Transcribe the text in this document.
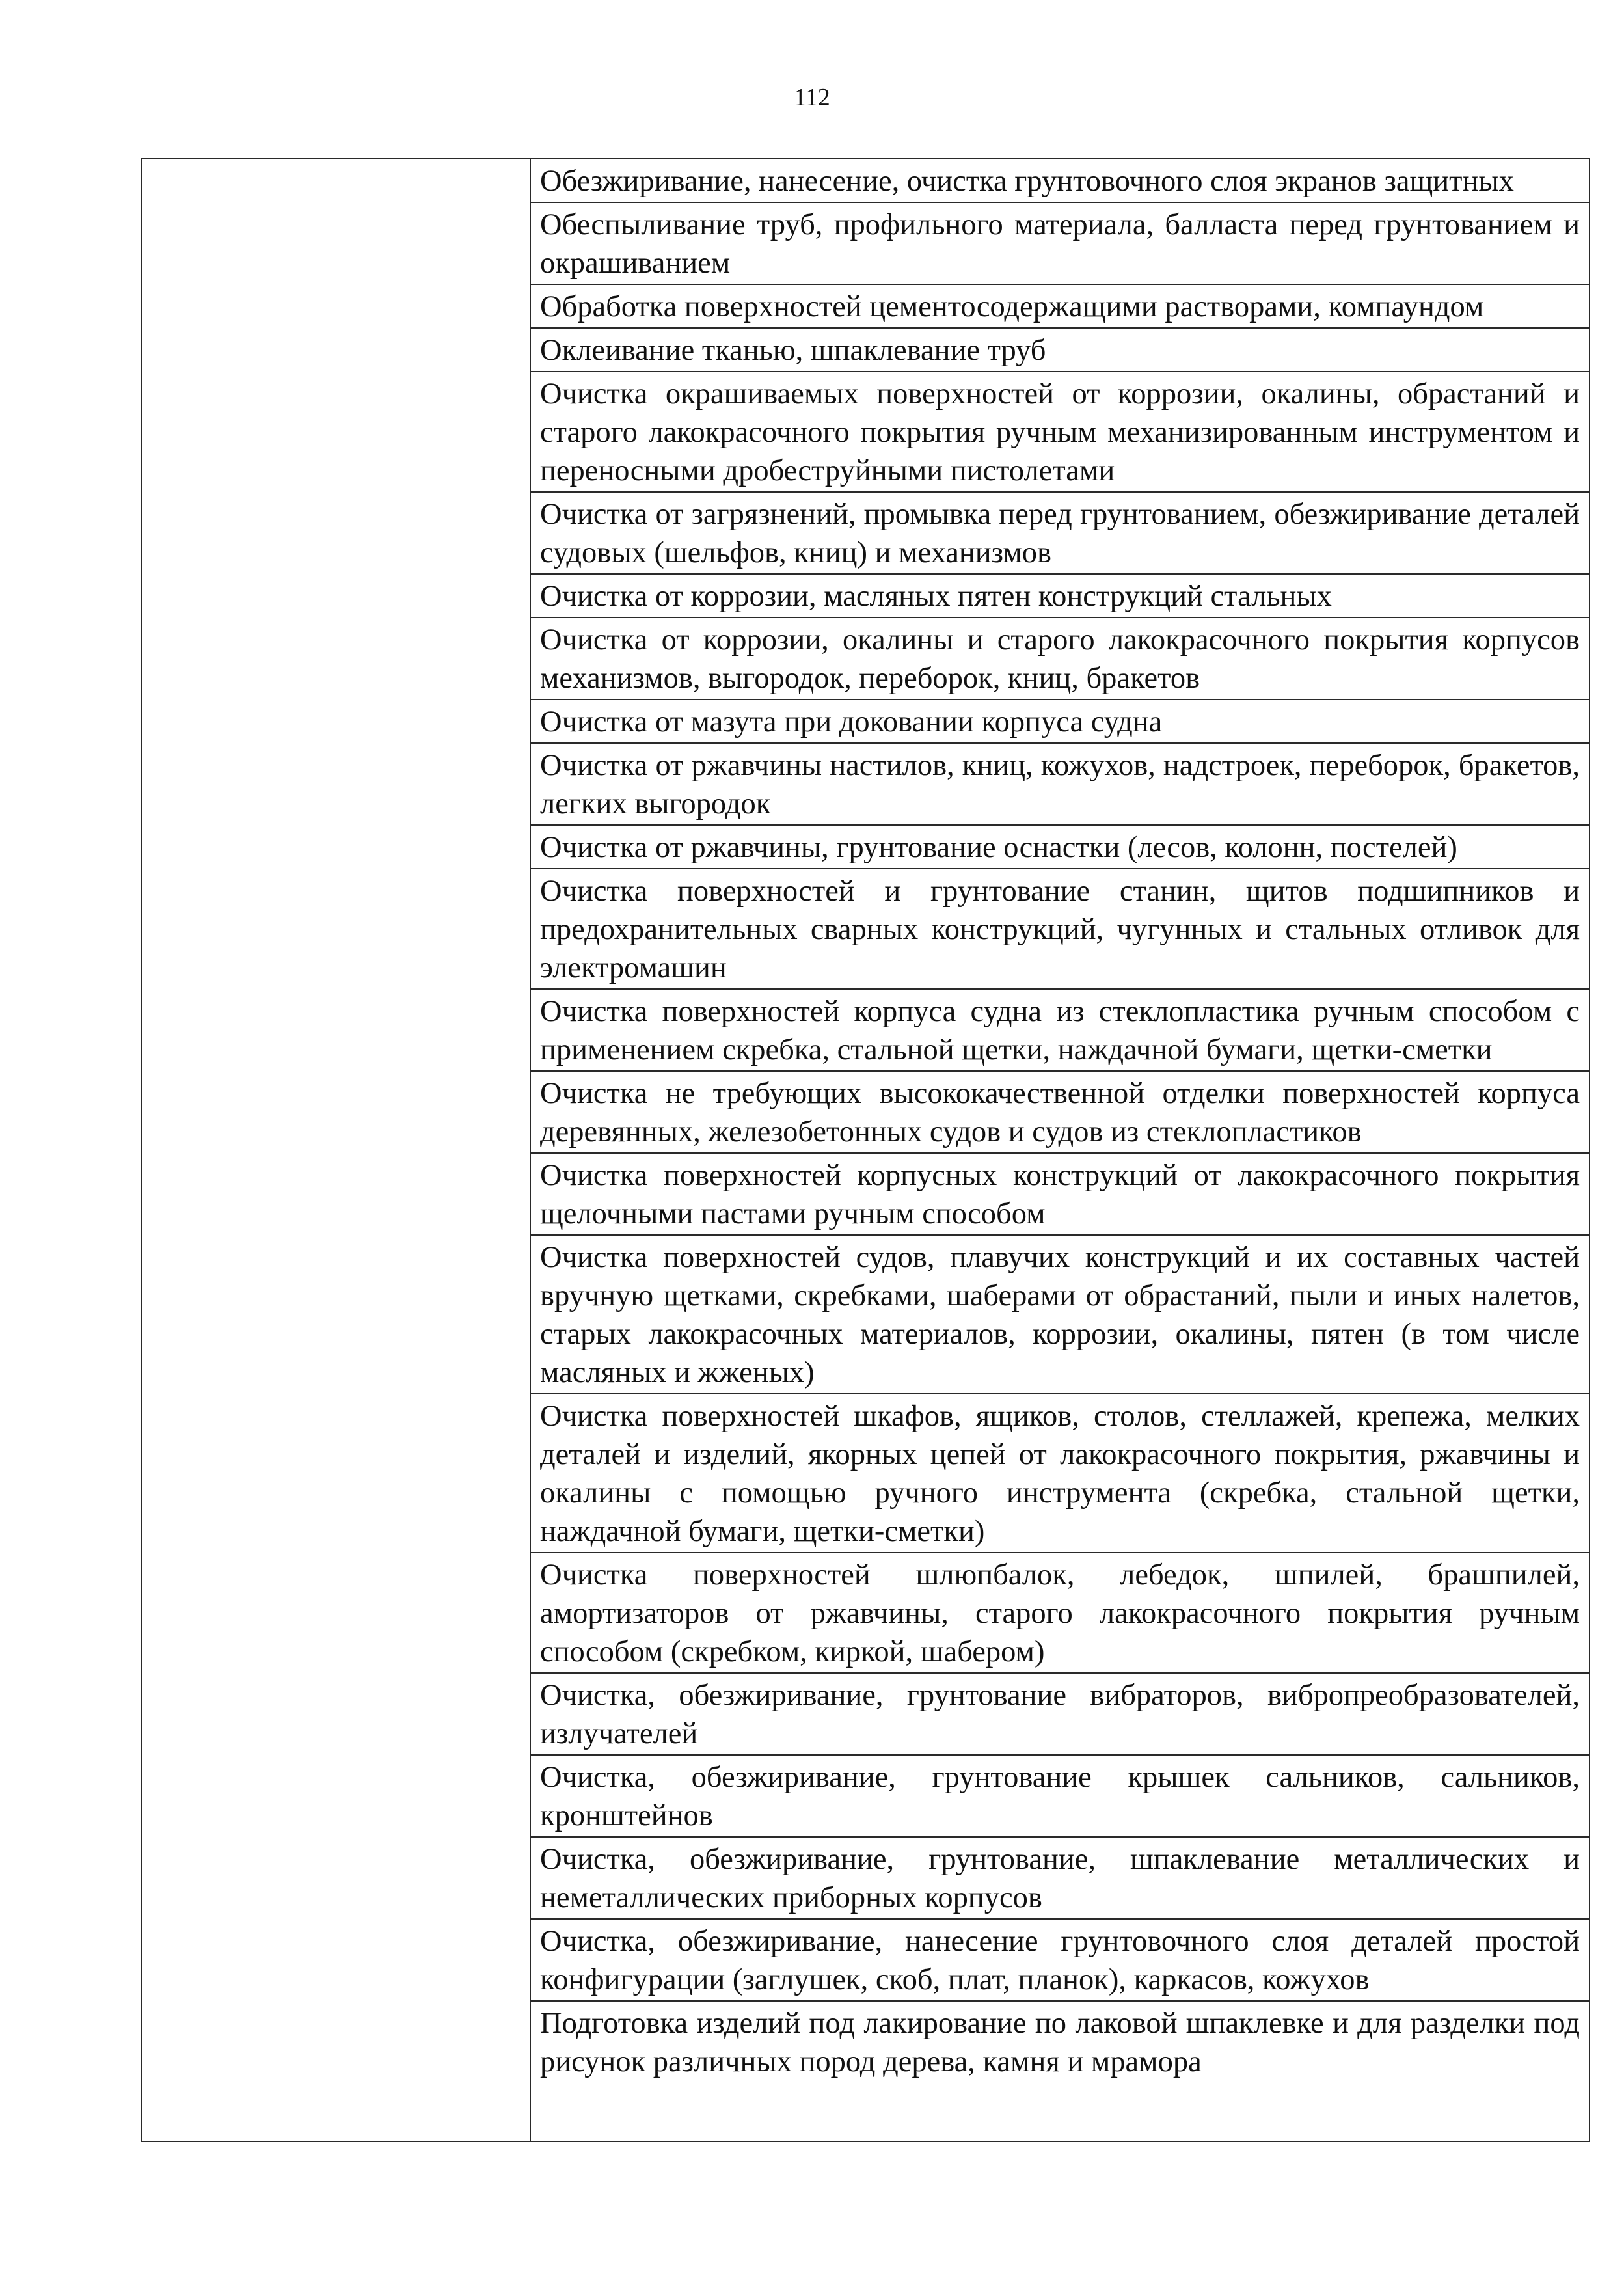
112

Обезжиривание, нанесение, очистка грунтовочного слоя экранов защитных
Обеспыливание труб, профильного материала, балласта перед грунтованием и окрашиванием
Обработка поверхностей цементосодержащими растворами, компаундом
Оклеивание тканью, шпаклевание труб
Очистка окрашиваемых поверхностей от коррозии, окалины, обрастаний и старого лакокрасочного покрытия ручным механизированным инструментом и переносными дробеструйными пистолетами
Очистка от загрязнений, промывка перед грунтованием, обезжиривание деталей судовых (шельфов, книц) и механизмов
Очистка от коррозии, масляных пятен конструкций стальных
Очистка от коррозии, окалины и старого лакокрасочного покрытия корпусов механизмов, выгородок, переборок, книц, бракетов
Очистка от мазута при доковании корпуса судна
Очистка от ржавчины настилов, книц, кожухов, надстроек, переборок, бракетов, легких выгородок
Очистка от ржавчины, грунтование оснастки (лесов, колонн, постелей)
Очистка поверхностей и грунтование станин, щитов подшипников и предохранительных сварных конструкций, чугунных и стальных отливок для электромашин
Очистка поверхностей корпуса судна из стеклопластика ручным способом с применением скребка, стальной щетки, наждачной бумаги, щетки-сметки
Очистка не требующих высококачественной отделки поверхностей корпуса деревянных, железобетонных судов и судов из стеклопластиков
Очистка поверхностей корпусных конструкций от лакокрасочного покрытия щелочными пастами ручным способом
Очистка поверхностей судов, плавучих конструкций и их составных частей вручную щетками, скребками, шаберами от обрастаний, пыли и иных налетов, старых лакокрасочных материалов, коррозии, окалины, пятен (в том числе масляных и жженых)
Очистка поверхностей шкафов, ящиков, столов, стеллажей, крепежа, мелких деталей и изделий, якорных цепей от лакокрасочного покрытия, ржавчины и окалины с помощью ручного инструмента (скребка, стальной щетки, наждачной бумаги, щетки-сметки)
Очистка поверхностей шлюпбалок, лебедок, шпилей, брашпилей, амортизаторов от ржавчины, старого лакокрасочного покрытия ручным способом (скребком, киркой, шабером)
Очистка, обезжиривание, грунтование вибраторов, вибропреобразователей, излучателей
Очистка, обезжиривание, грунтование крышек сальников, сальников, кронштейнов
Очистка, обезжиривание, грунтование, шпаклевание металлических и неметаллических приборных корпусов
Очистка, обезжиривание, нанесение грунтовочного слоя деталей простой конфигурации (заглушек, скоб, плат, планок), каркасов, кожухов
Подготовка изделий под лакирование по лаковой шпаклевке и для разделки под рисунок различных пород дерева, камня и мрамора
